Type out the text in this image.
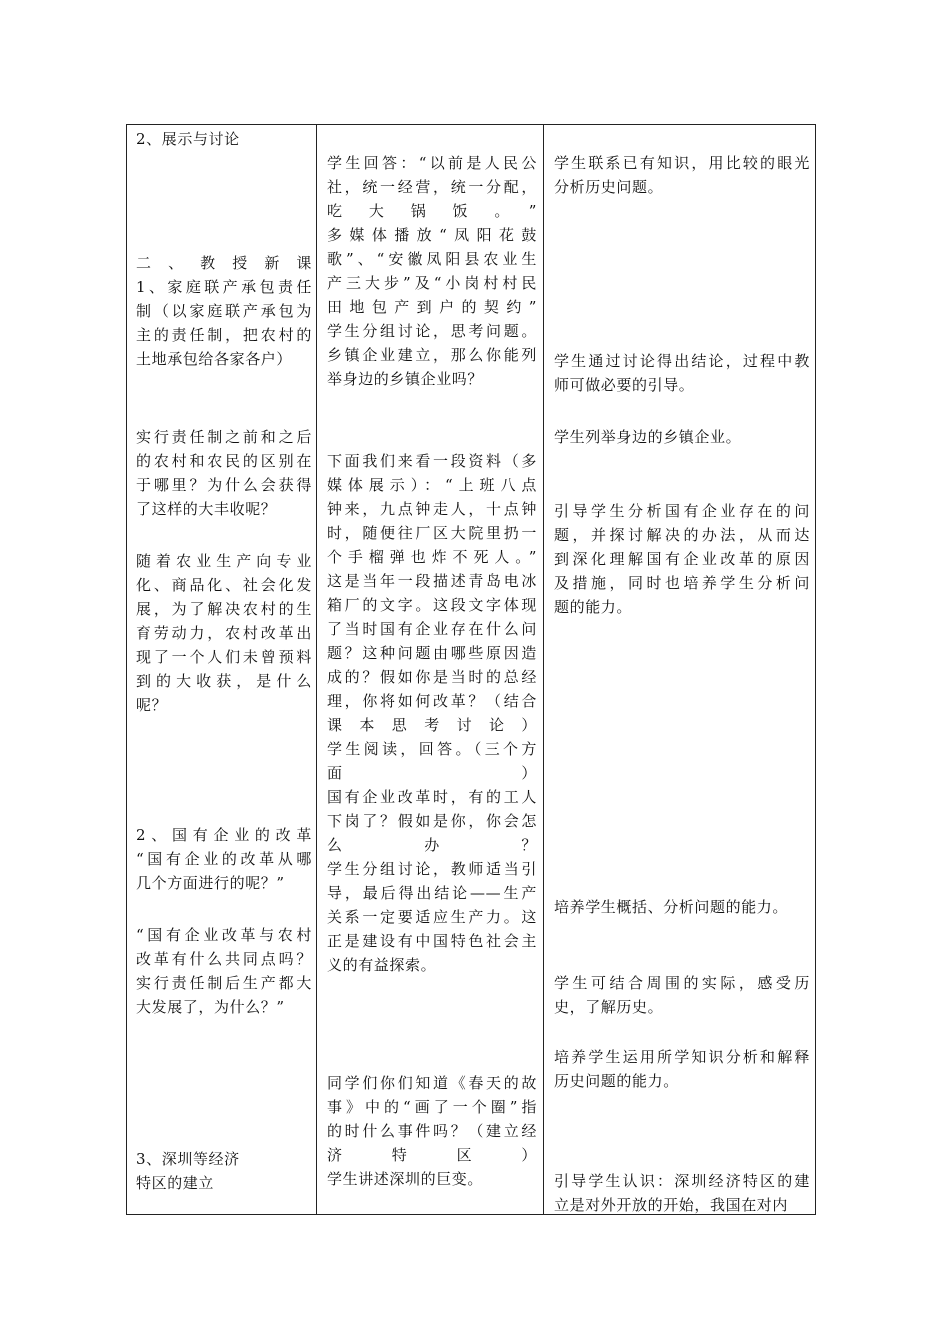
2、展示与讨论
二、教授新课
1、家庭联产承包责任
制（以家庭联产承包为
主的责任制，把农村的
土地承包给各家各户）
实行责任制之前和之后
的农村和农民的区别在
于哪里？为什么会获得
了这样的大丰收呢？
随着农业生产向专业
化、商品化、社会化发
展，为了解决农村的生
育劳动力，农村改革出
现了一个人们未曾预料
到的大收获，是什么
呢？
2、国有企业的改革
“国有企业的改革从哪
几个方面进行的呢？”
“国有企业改革与农村
改革有什么共同点吗？
实行责任制后生产都大
大发展了，为什么？”
3、深圳等经济
特区的建立
学生回答：“以前是人民公
社，统一经营，统一分配，
吃大锅饭。”
多媒体播放“凤阳花鼓
歌”、“安徽凤阳县农业生
产三大步”及“小岗村村民
田地包产到户的契约”
学生分组讨论，思考问题。
乡镇企业建立，那么你能列
举身边的乡镇企业吗？
下面我们来看一段资料（多
媒体展示）：“上班八点
钟来，九点钟走人，十点钟
时，随便往厂区大院里扔一
个手榴弹也炸不死人。”
这是当年一段描述青岛电冰
箱厂的文字。这段文字体现
了当时国有企业存在什么问
题？这种问题由哪些原因造
成的？假如你是当时的总经
理，你将如何改革？（结合
课本思考讨论）
学生阅读，回答。（三个方
面）
国有企业改革时，有的工人
下岗了？假如是你，你会怎
么办？
学生分组讨论，教师适当引
导，最后得出结论——生产
关系一定要适应生产力。这
正是建设有中国特色社会主
义的有益探索。
同学们你们知道《春天的故
事》中的“画了一个圈”指
的时什么事件吗？（建立经
济特区）
学生讲述深圳的巨变。
学生联系已有知识，用比较的眼光
分析历史问题。
学生通过讨论得出结论，过程中教
师可做必要的引导。
学生列举身边的乡镇企业。
引导学生分析国有企业存在的问
题，并探讨解决的办法，从而达
到深化理解国有企业改革的原因
及措施，同时也培养学生分析问
题的能力。
培养学生概括、分析问题的能力。
学生可结合周围的实际，感受历
史，了解历史。
培养学生运用所学知识分析和解释
历史问题的能力。
引导学生认识：深圳经济特区的建
立是对外开放的开始，我国在对内
